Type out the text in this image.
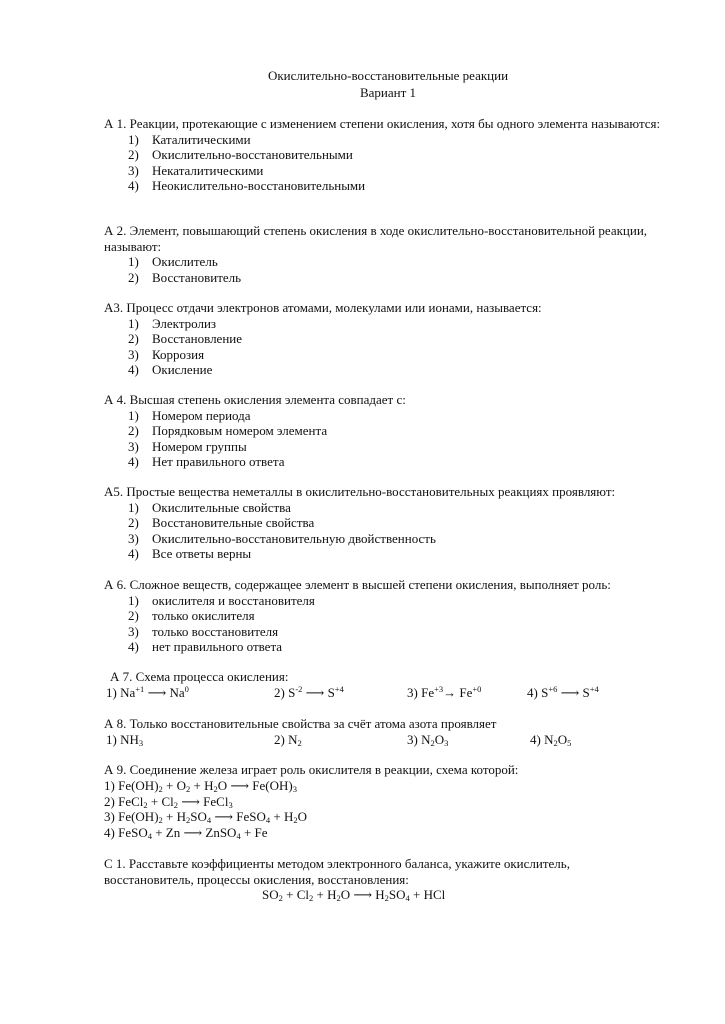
Окислительно-восстановительные реакции
Вариант 1
А 1. Реакции, протекающие с изменением степени окисления, хотя бы одного элемента называются:
1)	Каталитическими
2)	Окислительно-восстановительными
3)	Некаталитическими
4)	Неокислительно-восстановительными
А 2. Элемент, повышающий степень окисления в ходе окислительно-восстановительной реакции, называют:
1)	Окислитель
2)	Восстановитель
А3. Процесс отдачи электронов атомами, молекулами или ионами, называется:
1)	Электролиз
2)	Восстановление
3)	Коррозия
4)	Окисление
А 4. Высшая степень окисления элемента совпадает с:
1)	Номером периода
2)	Порядковым номером элемента
3)	Номером группы
4)	Нет правильного ответа
А5. Простые вещества неметаллы в окислительно-восстановительных реакциях проявляют:
1)	Окислительные свойства
2)	Восстановительные свойства
3)	Окислительно-восстановительную двойственность
4)	Все ответы верны
А 6. Сложное веществ, содержащее элемент в высшей степени окисления, выполняет роль:
1)	окислителя и восстановителя
2)	только окислителя
3)	только восстановителя
4)	нет правильного ответа
А 7. Схема процесса окисления:
1) $Na^{+1}$ ⟶ Na$^0$	2) $S^{-2}$ ⟶ $S^{+4}$	3) $Fe^{+3}\to Fe^{+0}$	4) $S^{+6}$ ⟶ $S^{+4}$
А 8. Только восстановительные свойства за счёт атома азота проявляет
1) $NH_3$	2) $N_2$	3) $N_2O_3$	4) $N_2O_5$
А 9. Соединение железа играет роль окислителя в реакции, схема которой:
1) $Fe(OH)_2 + O_2 + H_2O$ ⟶ $Fe(OH)_3$
2) FeCl$_2$ + $Cl_2$ ⟶ FeCl$_3$
3) $Fe(OH)_2 + H_2SO_4$ ⟶ FeSO$_4$ + $H_2O$
4) FeSO$_4$ + Zn ⟶ ZnSO$_4$ + Fe
С 1. Расставьте коэффициенты методом электронного баланса, укажите окислитель,
восстановитель, процессы окисления, восстановления:
$SO_2 + Cl_2 + H_2O$ ⟶ $H_2SO_4$ + HCl
